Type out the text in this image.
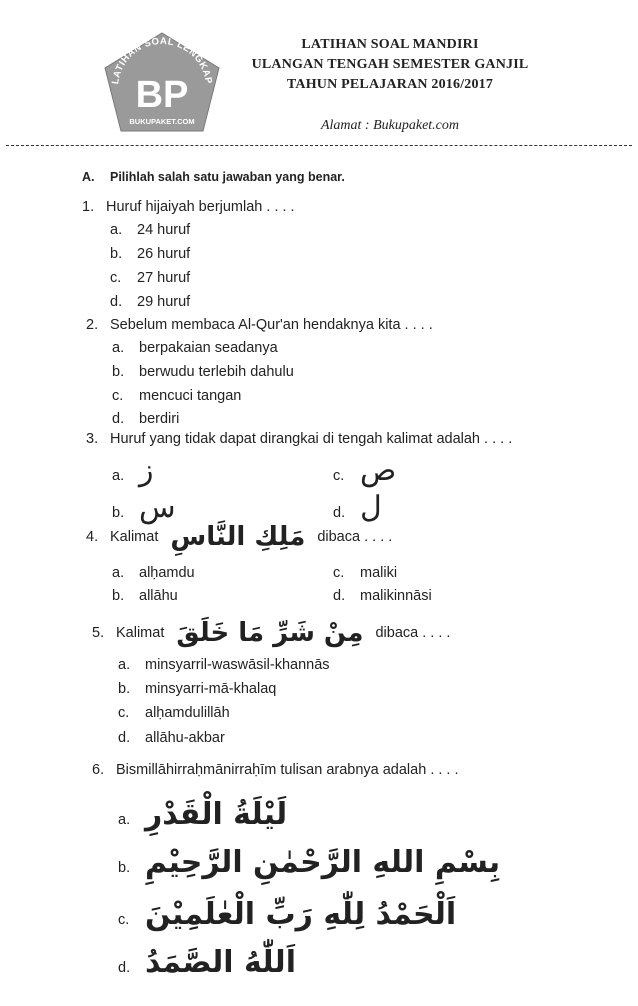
LATIHAN SOAL LENGKAP
BP
BUKUPAKET.COM
LATIHAN SOAL MANDIRI
ULANGAN TENGAH SEMESTER GANJIL
TAHUN PELAJARAN 2016/2017
Alamat : Bukupaket.com
A. Pilihlah salah satu jawaban yang benar.
1. Huruf hijaiyah berjumlah . . . .
a. 24 huruf
b. 26 huruf
c. 27 huruf
d. 29 huruf
2. Sebelum membaca Al-Qur'an hendaknya kita . . . .
a. berpakaian seadanya
b. berwudu terlebih dahulu
c. mencuci tangan
d. berdiri
3. Huruf yang tidak dapat dirangkai di tengah kalimat adalah . . . .
a. ز
b. س
c. ص
d. ل
4. Kalimat مَلِكِ النَّاسِ dibaca . . . .
a. alḥamdu
b. allāhu
c. maliki
d. malikinnāsi
5. Kalimat مِنْ شَرِّ مَا خَلَقَ dibaca . . . .
a. minsyarril-waswāsil-khannās
b. minsyarri-mā-khalaq
c. alḥamdulillāh
d. allāhu-akbar
6. Bismillāhirraḥmānirraḥīm tulisan arabnya adalah . . . .
a. لَيْلَةُ الْقَدْرِ
b. بِسْمِ اللهِ الرَّحْمٰنِ الرَّحِيْمِ
c. اَلْحَمْدُ لِلّٰهِ رَبِّ الْعٰلَمِيْنَ
d. اَللّٰهُ الصَّمَدُ
